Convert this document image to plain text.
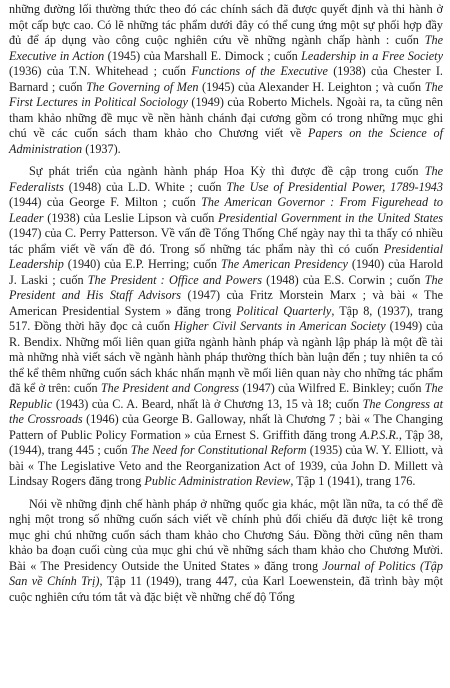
những đường lối thường thức theo đó các chính sách đã được quyết định và thi hành ở một cấp bực cao. Có lẽ những tác phẩm dưới đây có thể cung ứng một sự phối hợp đầy đủ để áp dụng vào công cuộc nghiên cứu về những ngành chấp hành : cuốn The Executive in Action (1945) của Marshall E. Dimock ; cuốn Leadership in a Free Society (1936) của T.N. Whitehead ; cuốn Functions of the Executive (1938) của Chester I. Barnard ; cuốn The Governing of Men (1945) của Alexander H. Leighton ; và cuốn The First Lectures in Political Sociology (1949) của Roberto Michels. Ngoài ra, ta cũng nên tham khảo những đề mục về nền hành chánh đại cương gồm có trong những mục ghi chú về các cuốn sách tham khảo cho Chương viết về Papers on the Science of Administration (1937).

Sự phát triển của ngành hành pháp Hoa Kỳ thì được đề cập trong cuốn The Federalists (1948) của L.D. White ; cuốn The Use of Presidential Power, 1789-1943 (1944) của George F. Milton ; cuốn The American Governor : From Figurehead to Leader (1938) của Leslie Lipson và cuốn Presidential Government in the United States (1947) của C. Perry Patterson. Về vấn đề Tổng Thống Chế ngày nay thì ta thấy có nhiều tác phẩm viết về vấn đề đó. Trong số những tác phẩm này thì có cuốn Presidential Leadership (1940) của E.P. Herring; cuốn The American Presidency (1940) của Harold J. Laski ; cuốn The President : Office and Powers (1948) của E.S. Corwin ; cuốn The President and His Staff Advisors (1947) của Fritz Morstein Marx ; và bài « The American Presidential System » đăng trong Political Quarterly, Tập 8, (1937), trang 517. Đồng thời hãy đọc cả cuốn Higher Civil Servants in American Society (1949) của R. Bendix. Những mối liên quan giữa ngành hành pháp và ngành lập pháp là một đề tài mà những nhà viết sách về ngành hành pháp thường thích bàn luận đến ; tuy nhiên ta có thể kể thêm những cuốn sách khác nhấn mạnh về mối liên quan này cho những tác phẩm đã kể ở trên: cuốn The President and Congress (1947) của Wilfred E. Binkley; cuốn The Republic (1943) của C. A. Beard, nhất là ở Chương 13, 15 và 18; cuốn The Congress at the Crossroads (1946) của George B. Galloway, nhất là Chương 7 ; bài « The Changing Pattern of Public Policy Formation » của Ernest S. Griffith đăng trong A.P.S.R., Tập 38, (1944), trang 445 ; cuốn The Need for Constitutional Reform (1935) của W. Y. Elliott, và bài « The Legislative Veto and the Reorganization Act of 1939, của John D. Millett và Lindsay Rogers đăng trong Public Administration Review, Tập 1 (1941), trang 176.

Nói về những định chế hành pháp ở những quốc gia khác, một lần nữa, ta có thể đề nghị một trong số những cuốn sách viết về chính phủ đối chiếu đã được liệt kê trong mục ghi chú những cuốn sách tham khảo cho Chương Sáu. Đồng thời cũng nên tham khảo ba đoạn cuối cùng của mục ghi chú về những sách tham khảo cho Chương Mười. Bài « The Presidency Outside the United States » đăng trong Journal of Politics (Tập San về Chính Trị), Tập 11 (1949), trang 447, của Karl Loewenstein, đã trình bày một cuộc nghiên cứu tóm tắt và đặc biệt về những chế độ Tổng
